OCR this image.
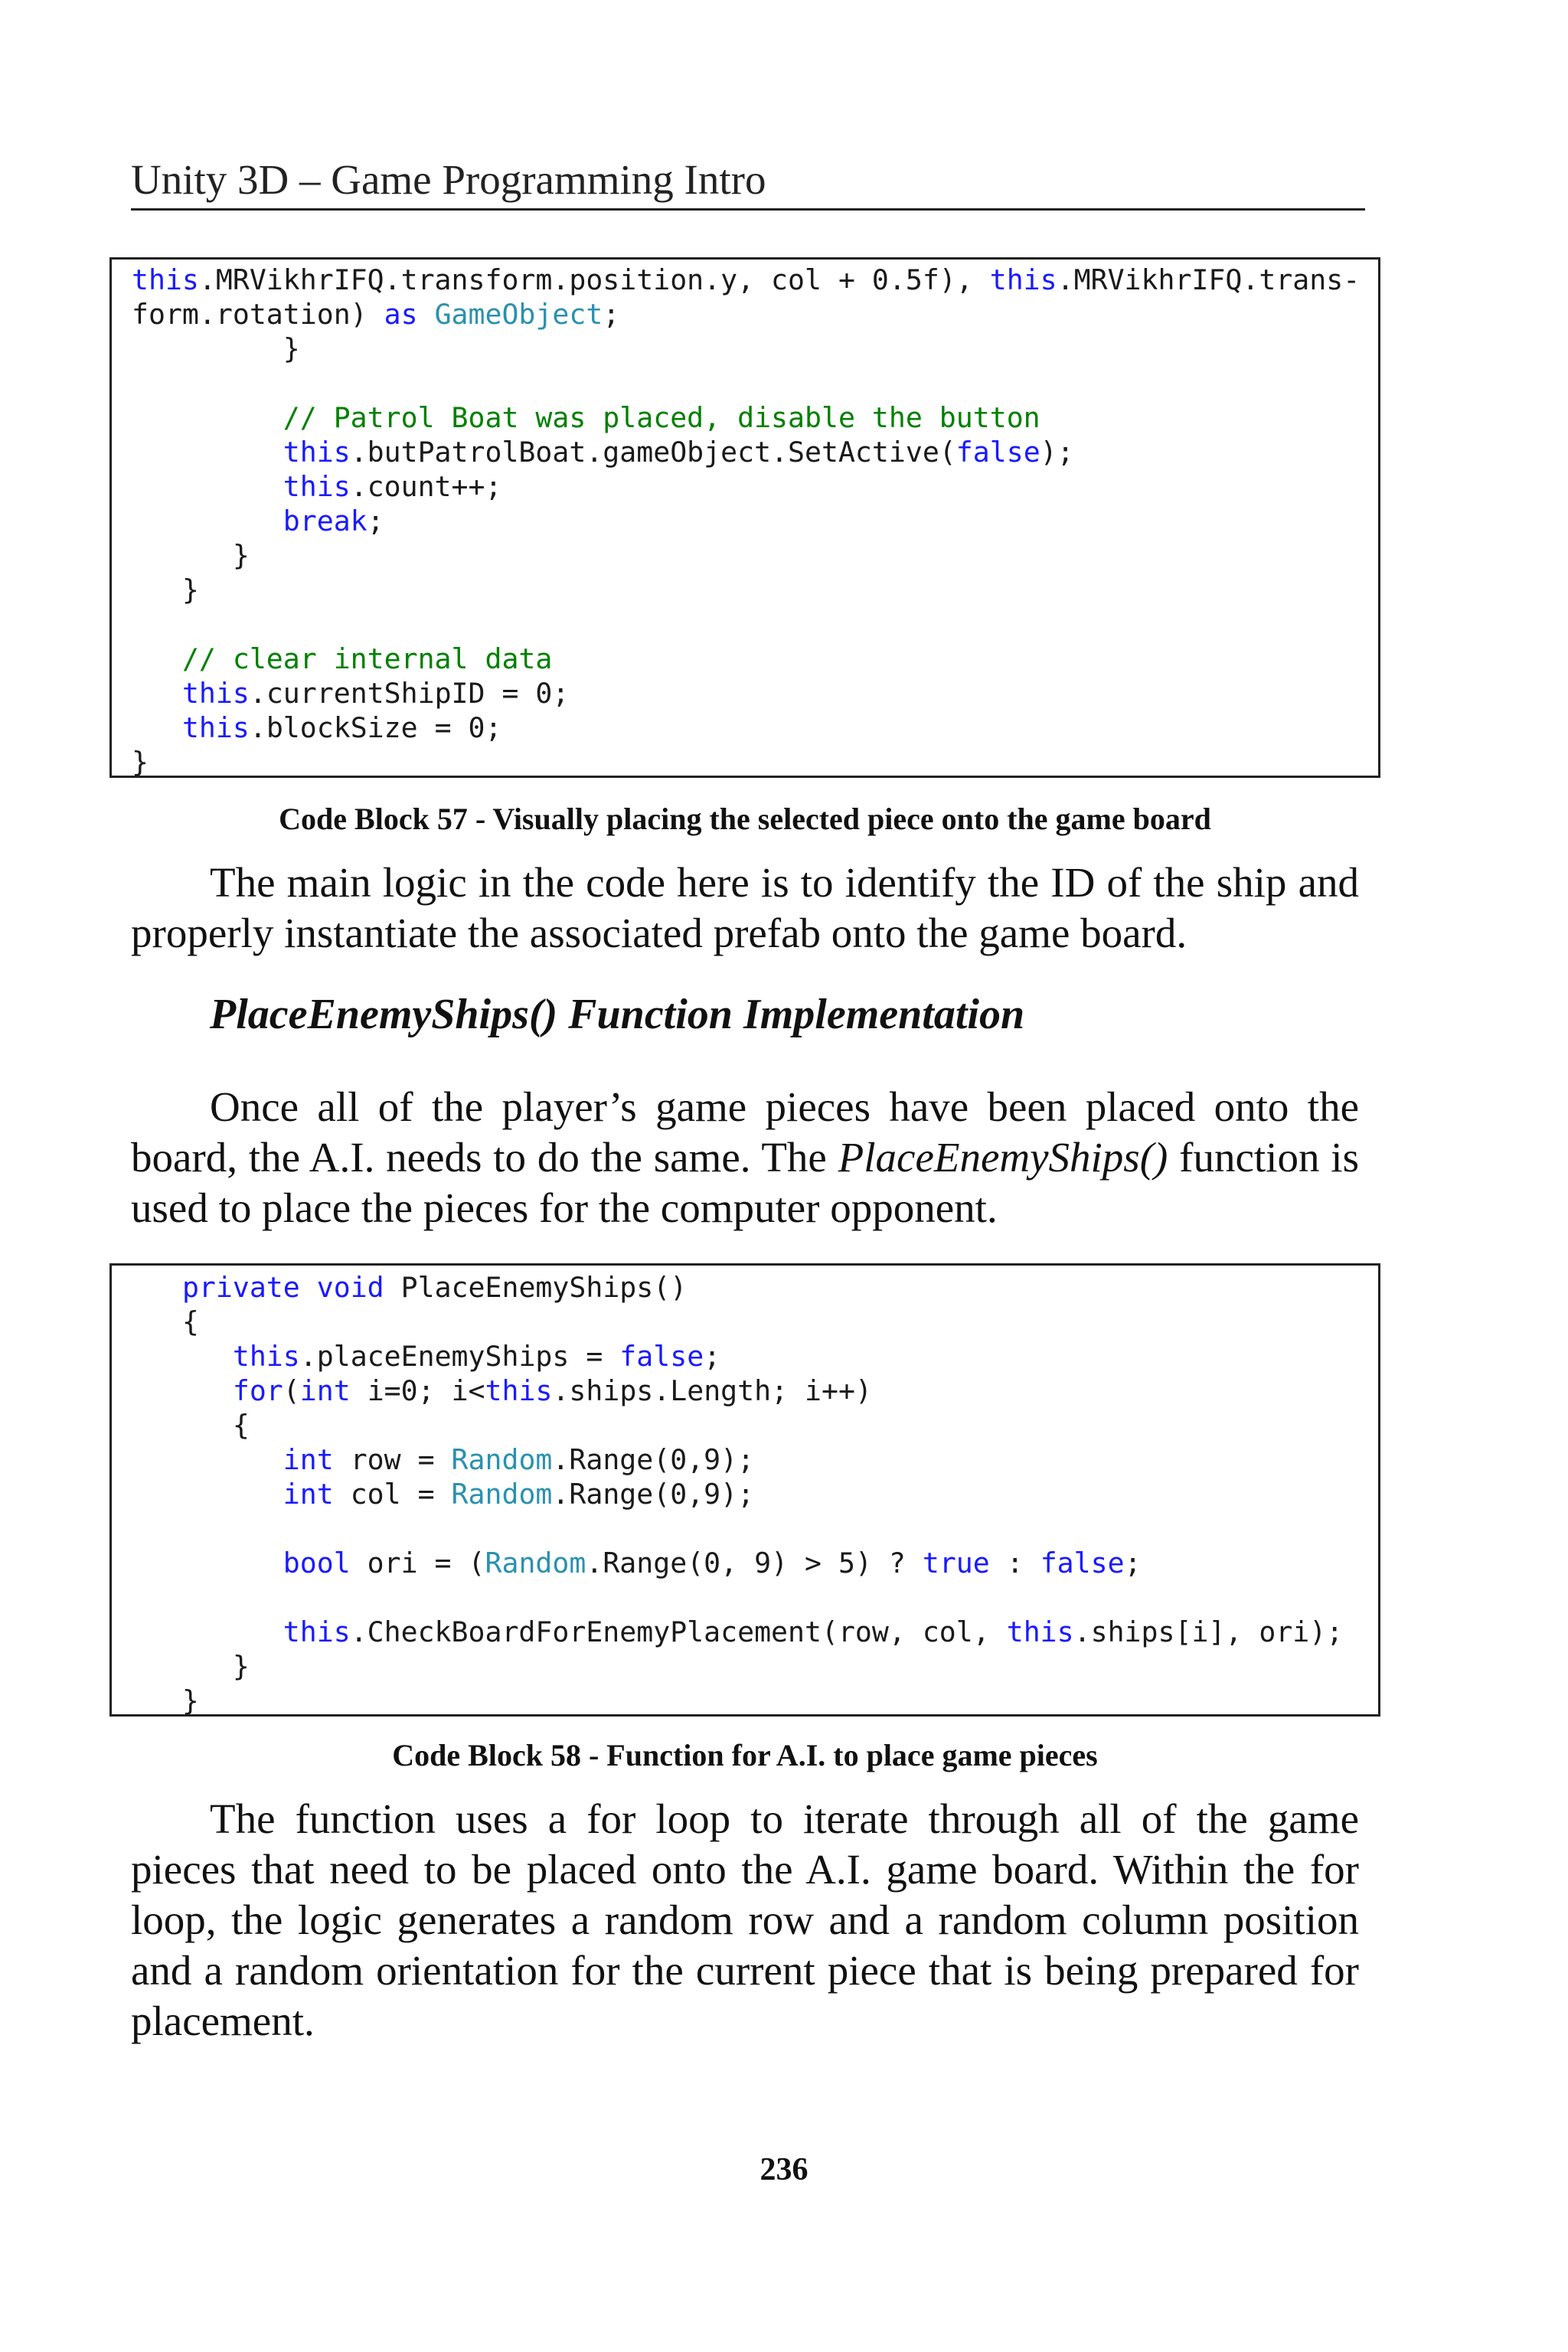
Unity 3D – Game Programming Intro
this.MRVikhrIFQ.transform.position.y, col + 0.5f), this.MRVikhrIFQ.trans-
form.rotation) as GameObject;
}
// Patrol Boat was placed, disable the button
this.butPatrolBoat.gameObject.SetActive(false);
this.count++;
break;
}
}
// clear internal data
this.currentShipID = 0;
this.blockSize = 0;
}
Code Block 57 - Visually placing the selected piece onto the game board

The main logic in the code here is to identify the ID of the ship and properly instantiate the associated prefab onto the game board.

PlaceEnemyShips() Function Implementation

Once all of the player’s game pieces have been placed onto the board, the A.I. needs to do the same. The PlaceEnemyShips() function is used to place the pieces for the computer opponent.

private void PlaceEnemyShips()
{
this.placeEnemyShips = false;
for(int i=0; i<this.ships.Length; i++)
{
int row = Random.Range(0,9);
int col = Random.Range(0,9);
bool ori = (Random.Range(0, 9) > 5) ? true : false;
this.CheckBoardForEnemyPlacement(row, col, this.ships[i], ori);
}
}
Code Block 58 - Function for A.I. to place game pieces

The function uses a for loop to iterate through all of the game pieces that need to be placed onto the A.I. game board. Within the for loop, the logic generates a random row and a random column position and a random orientation for the current piece that is being prepared for placement.

236
